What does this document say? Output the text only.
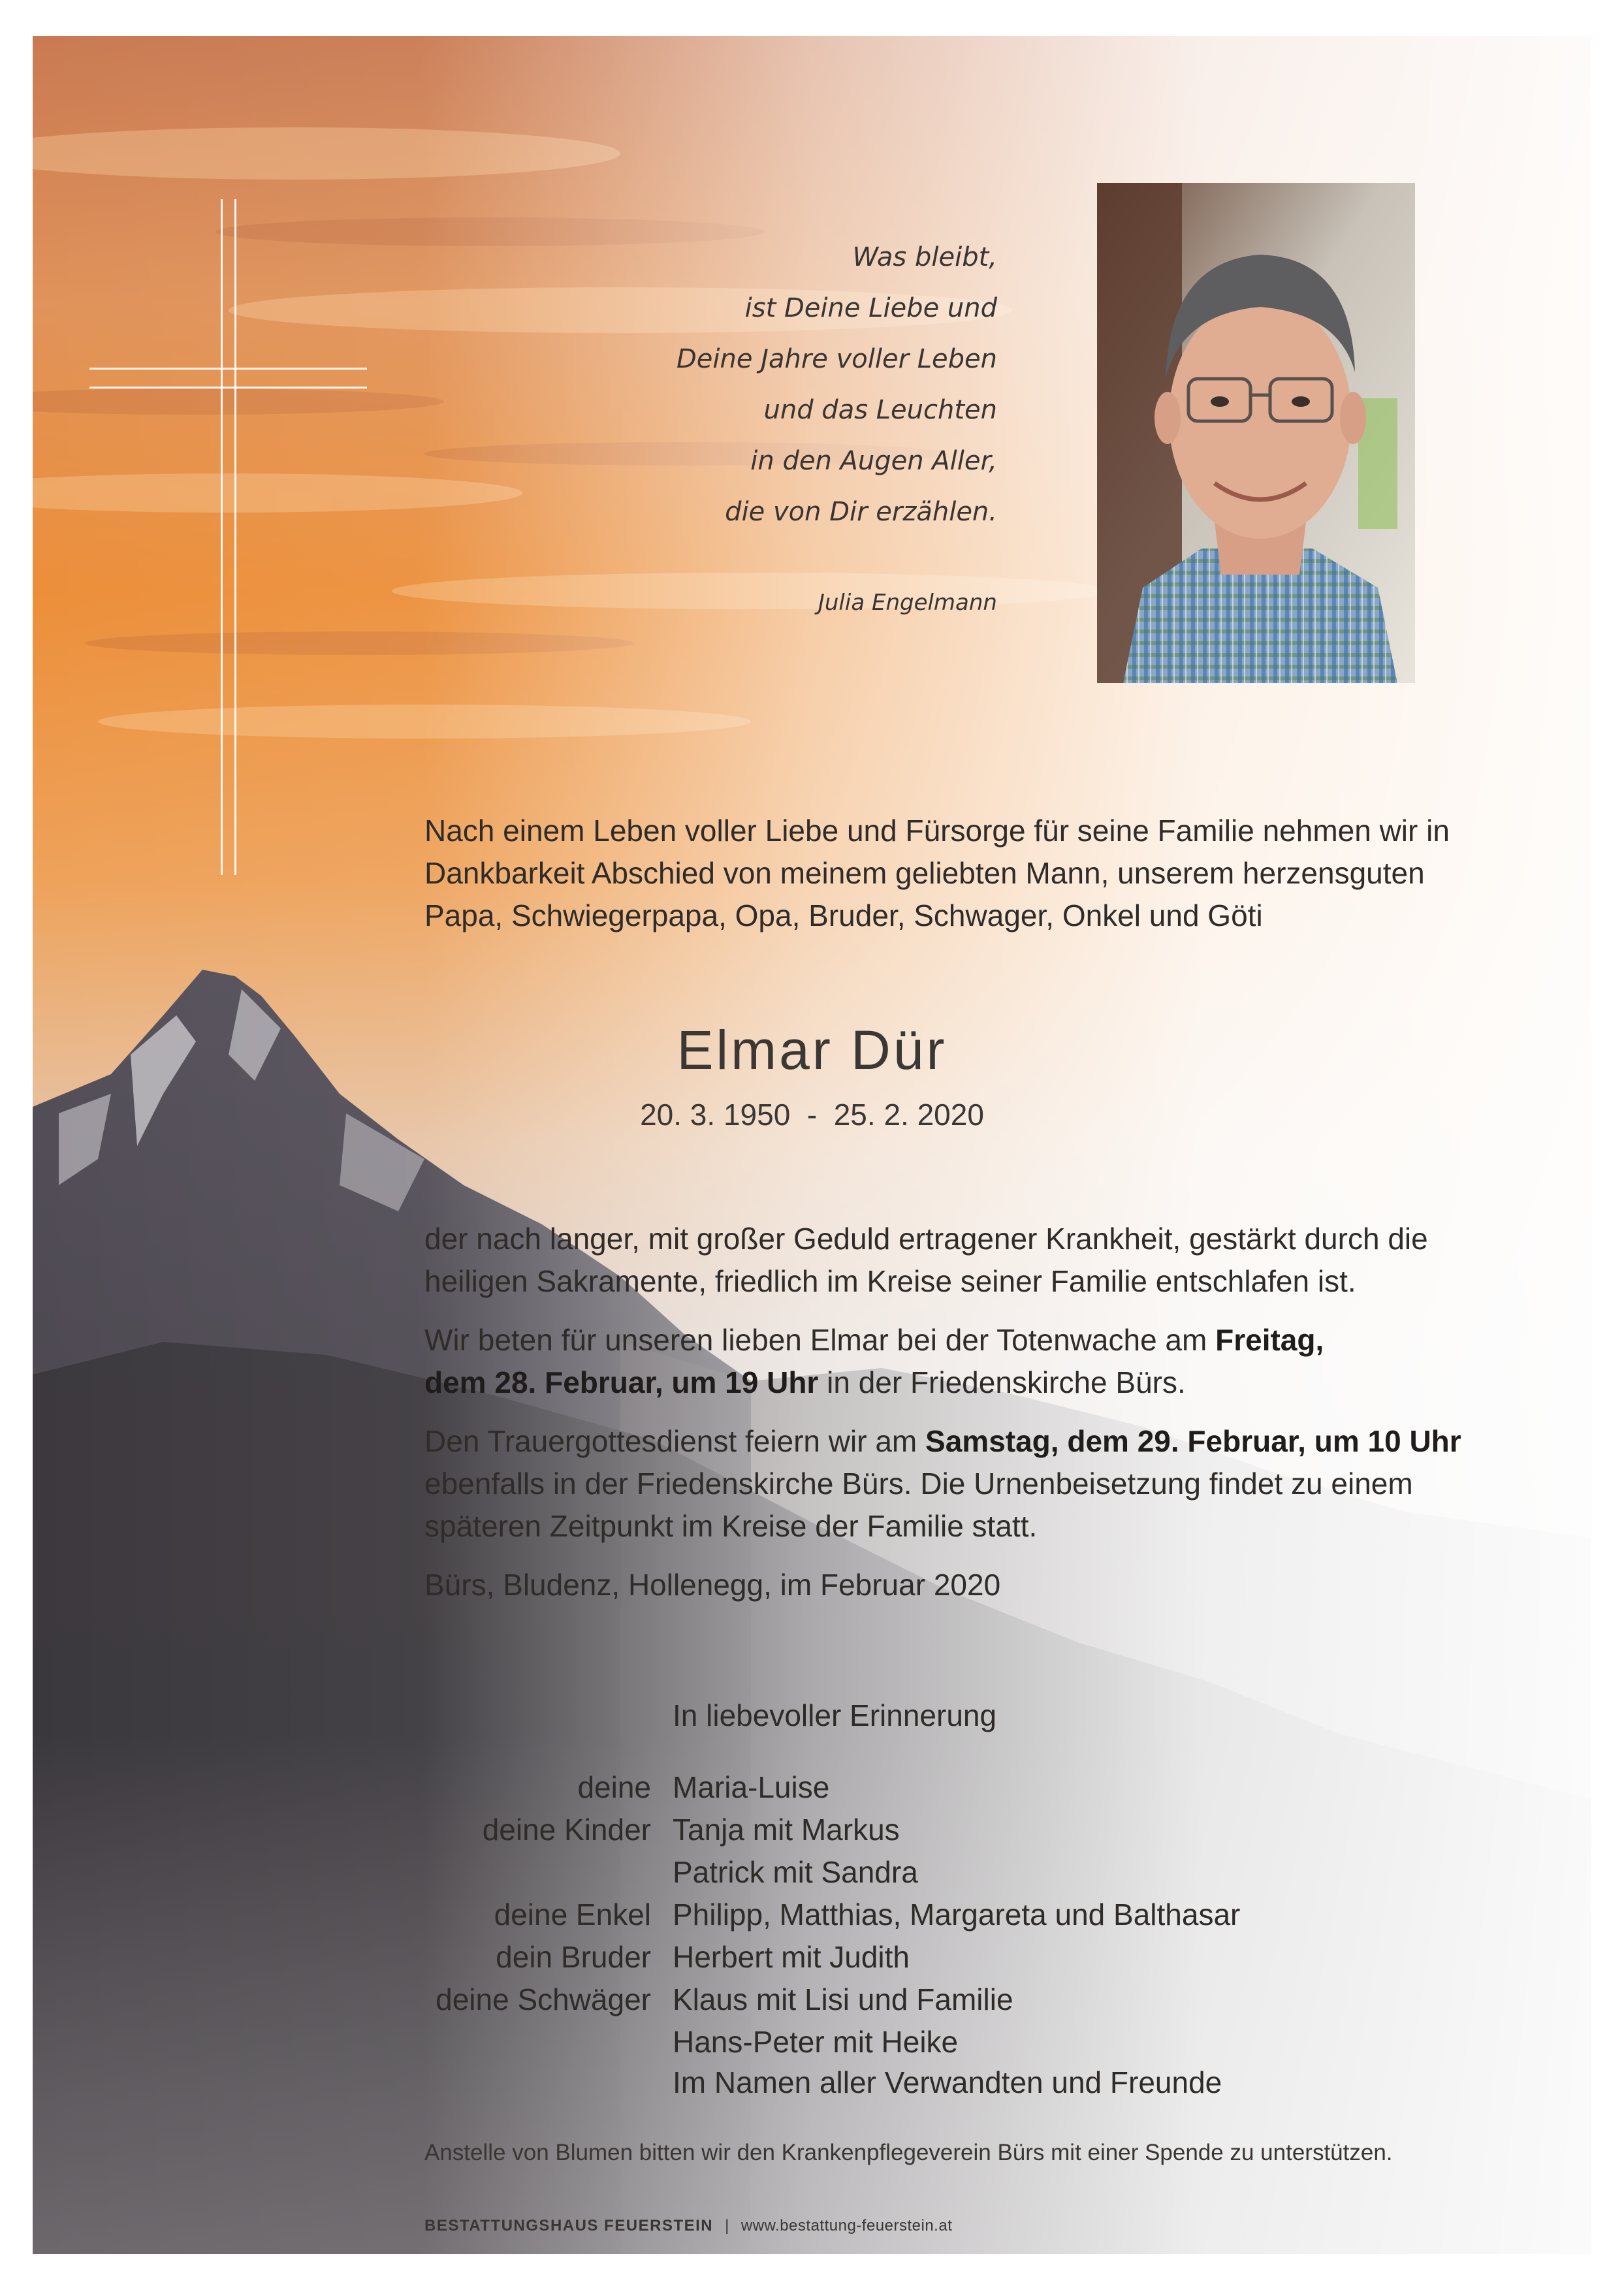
Was bleibt,
ist Deine Liebe und
Deine Jahre voller Leben
und das Leuchten
in den Augen Aller,
die von Dir erzählen.
Julia Engelmann
Nach einem Leben voller Liebe und Fürsorge für seine Familie nehmen wir in
Dankbarkeit Abschied von meinem geliebten Mann, unserem herzensguten
Papa, Schwiegerpapa, Opa, Bruder, Schwager, Onkel und Göti
Elmar Dür
20. 3. 1950  -  25. 2. 2020
der nach langer, mit großer Geduld ertragener Krankheit, gestärkt durch die
heiligen Sakramente, friedlich im Kreise seiner Familie entschlafen ist.
Wir beten für unseren lieben Elmar bei der Totenwache am Freitag,
dem 28. Februar, um 19 Uhr in der Friedenskirche Bürs.
Den Trauergottesdienst feiern wir am Samstag, dem 29. Februar, um 10 Uhr
ebenfalls in der Friedenskirche Bürs. Die Urnenbeisetzung findet zu einem
späteren Zeitpunkt im Kreise der Familie statt.
Bürs, Bludenz, Hollenegg, im Februar 2020
In liebevoller Erinnerung
deine Maria-Luise
deine Kinder Tanja mit Markus
Patrick mit Sandra
deine Enkel Philipp, Matthias, Margareta und Balthasar
dein Bruder Herbert mit Judith
deine Schwäger Klaus mit Lisi und Familie
Hans-Peter mit Heike
Im Namen aller Verwandten und Freunde
Anstelle von Blumen bitten wir den Krankenpflegeverein Bürs mit einer Spende zu unterstützen.
BESTATTUNGSHAUS FEUERSTEIN | www.bestattung-feuerstein.at
